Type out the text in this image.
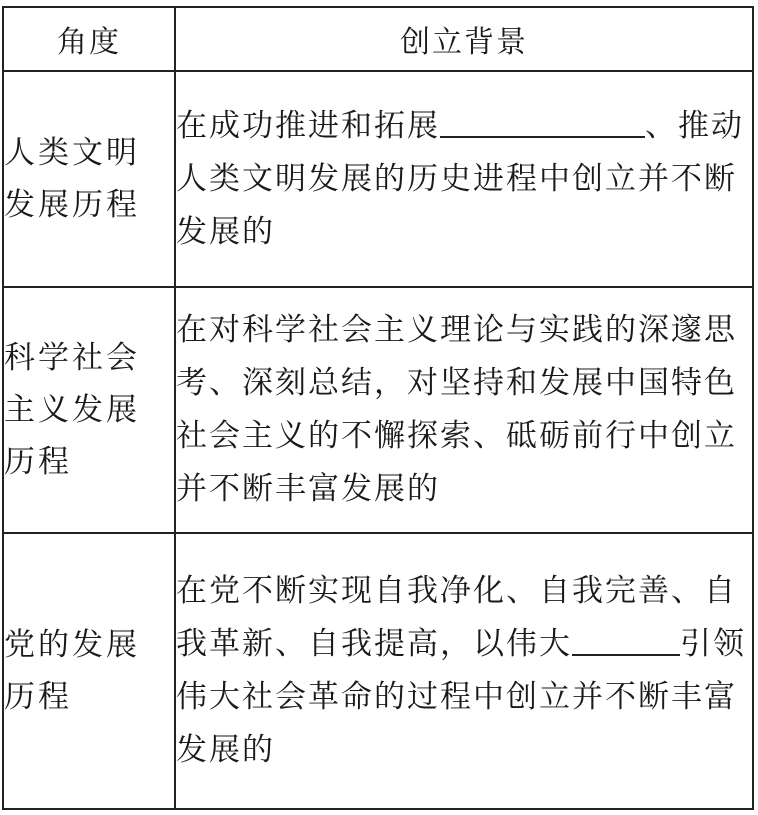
角度	创立背景

人类文明
发展历程	在成功推进和拓展 、推动人类文明发展的历史进程中创立并不断发展的

科学社会
主义发展
历程	在对科学社会主义理论与实践的深邃思考、深刻总结，对坚持和发展中国特色社会主义的不懈探索、砥砺前行中创立并不断丰富发展的

党的发展
历程	在党不断实现自我净化、自我完善、自我革新、自我提高，以伟大 引领伟大社会革命的过程中创立并不断丰富发展的
